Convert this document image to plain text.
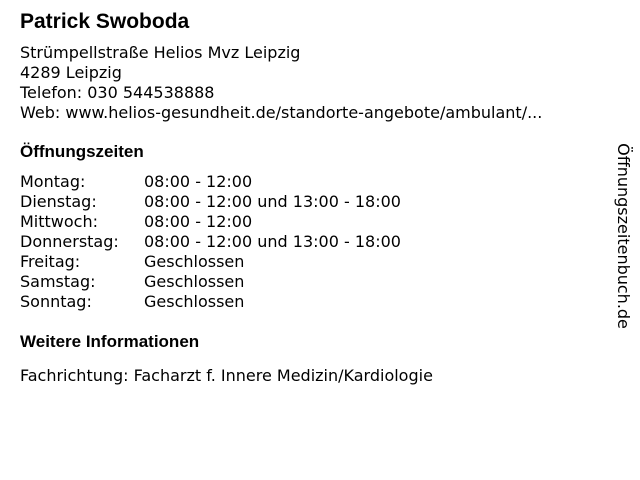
Patrick Swoboda
Strümpellstraße Helios Mvz Leipzig
4289 Leipzig
Telefon: 030 544538888
Web: www.helios-gesundheit.de/standorte-angebote/ambulant/...
Öffnungszeiten
Montag:	08:00 - 12:00
Dienstag:	08:00 - 12:00 und 13:00 - 18:00
Mittwoch:	08:00 - 12:00
Donnerstag:	08:00 - 12:00 und 13:00 - 18:00
Freitag:	Geschlossen
Samstag:	Geschlossen
Sonntag:	Geschlossen
Weitere Informationen
Fachrichtung: Facharzt f. Innere Medizin/Kardiologie
Öffnungszeitenbuch.de
